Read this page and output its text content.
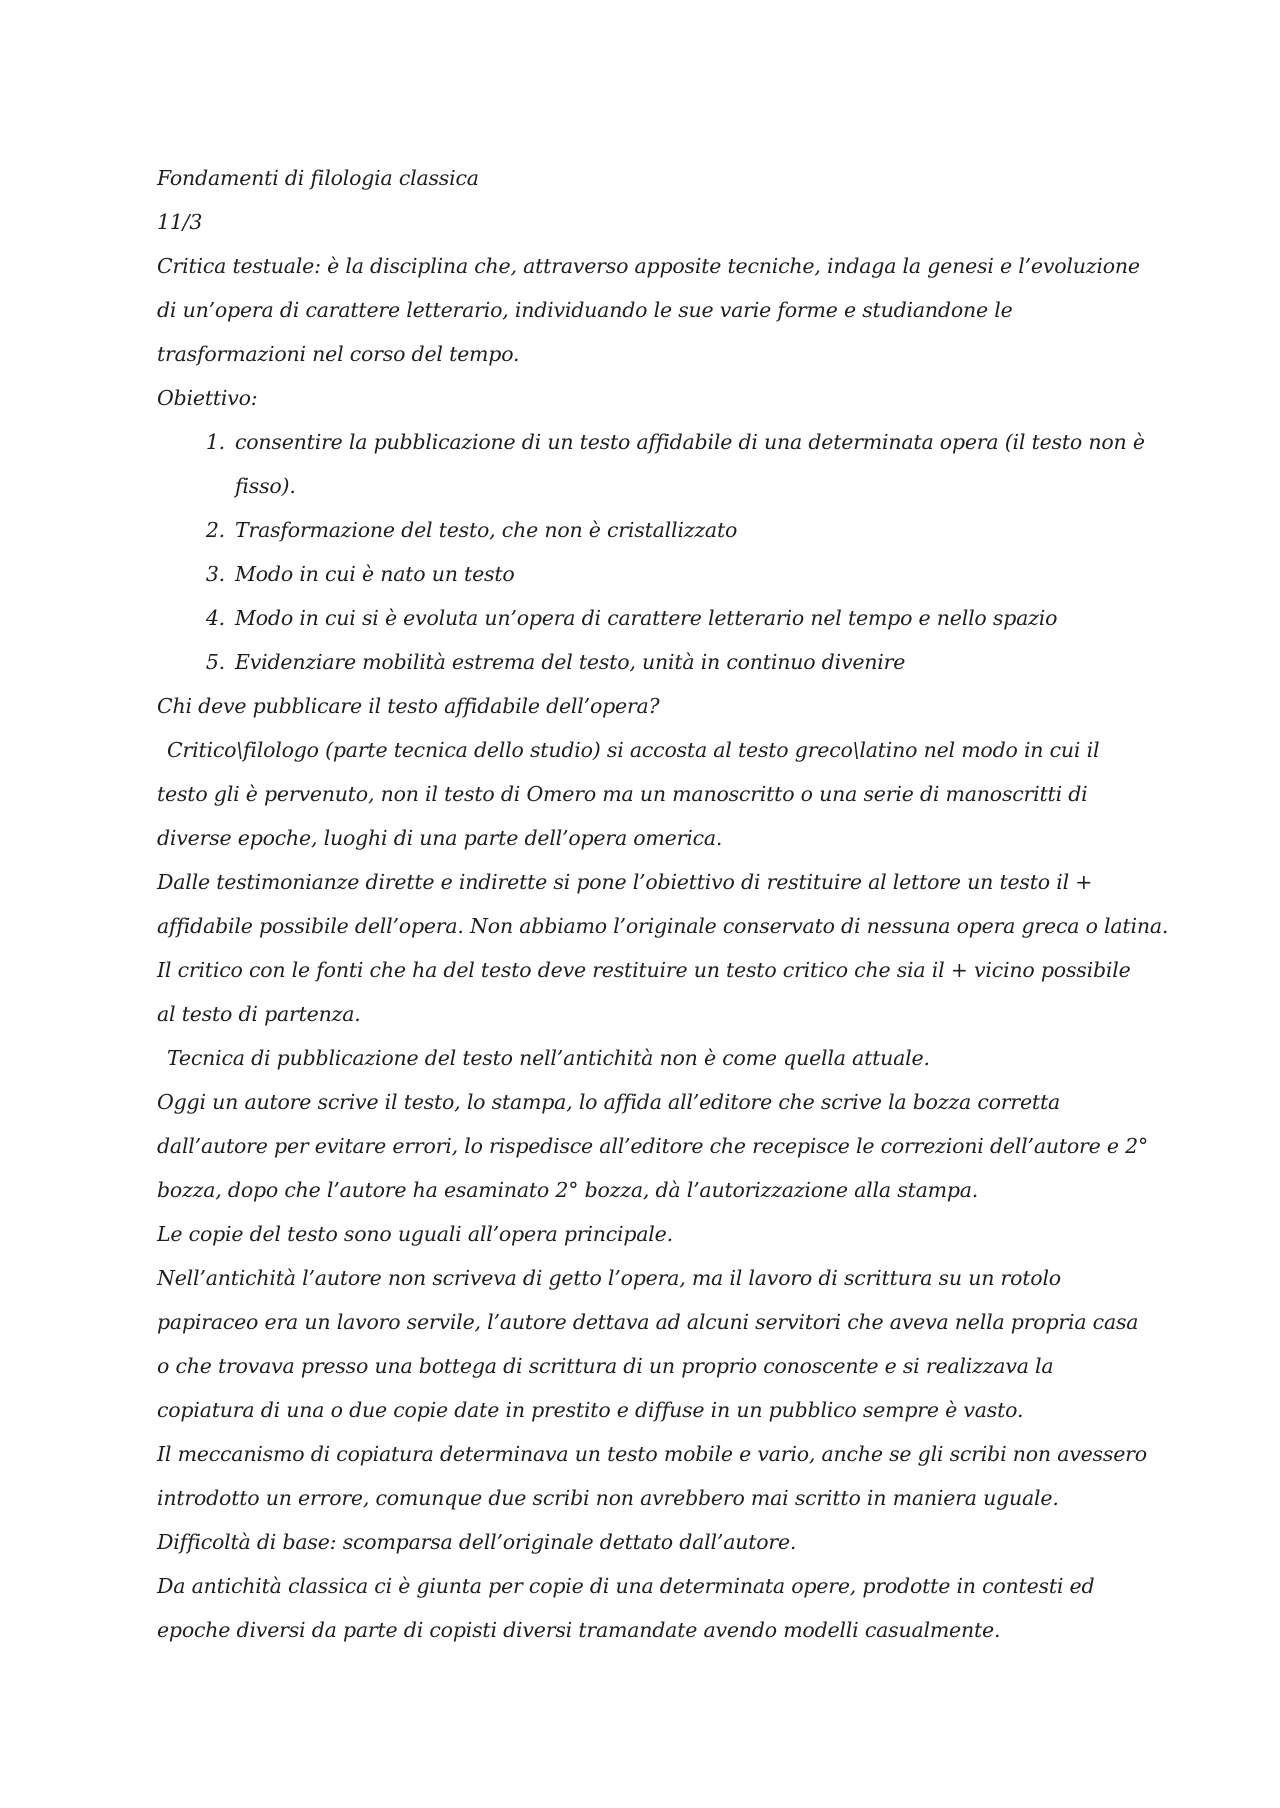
Fondamenti di filologia classica
11/3
Critica testuale: è la disciplina che, attraverso apposite tecniche, indaga la genesi e l’evoluzione
di un’opera di carattere letterario, individuando le sue varie forme e studiandone le
trasformazioni nel corso del tempo.
Obiettivo:
1. consentire la pubblicazione di un testo affidabile di una determinata opera (il testo non è
fisso).
2. Trasformazione del testo, che non è cristallizzato
3. Modo in cui è nato un testo
4. Modo in cui si è evoluta un’opera di carattere letterario nel tempo e nello spazio
5. Evidenziare mobilità estrema del testo, unità in continuo divenire
Chi deve pubblicare il testo affidabile dell’opera?
Critico\filologo (parte tecnica dello studio) si accosta al testo greco\latino nel modo in cui il
testo gli è pervenuto, non il testo di Omero ma un manoscritto o una serie di manoscritti di
diverse epoche, luoghi di una parte dell’opera omerica.
Dalle testimonianze dirette e indirette si pone l’obiettivo di restituire al lettore un testo il +
affidabile possibile dell’opera. Non abbiamo l’originale conservato di nessuna opera greca o latina.
Il critico con le fonti che ha del testo deve restituire un testo critico che sia il + vicino possibile
al testo di partenza.
Tecnica di pubblicazione del testo nell’antichità non è come quella attuale.
Oggi un autore scrive il testo, lo stampa, lo affida all’editore che scrive la bozza corretta
dall’autore per evitare errori, lo rispedisce all’editore che recepisce le correzioni dell’autore e 2°
bozza, dopo che l’autore ha esaminato 2° bozza, dà l’autorizzazione alla stampa.
Le copie del testo sono uguali all’opera principale.
Nell’antichità l’autore non scriveva di getto l’opera, ma il lavoro di scrittura su un rotolo
papiraceo era un lavoro servile, l’autore dettava ad alcuni servitori che aveva nella propria casa
o che trovava presso una bottega di scrittura di un proprio conoscente e si realizzava la
copiatura di una o due copie date in prestito e diffuse in un pubblico sempre è vasto.
Il meccanismo di copiatura determinava un testo mobile e vario, anche se gli scribi non avessero
introdotto un errore, comunque due scribi non avrebbero mai scritto in maniera uguale.
Difficoltà di base: scomparsa dell’originale dettato dall’autore.
Da antichità classica ci è giunta per copie di una determinata opere, prodotte in contesti ed
epoche diversi da parte di copisti diversi tramandate avendo modelli casualmente.
